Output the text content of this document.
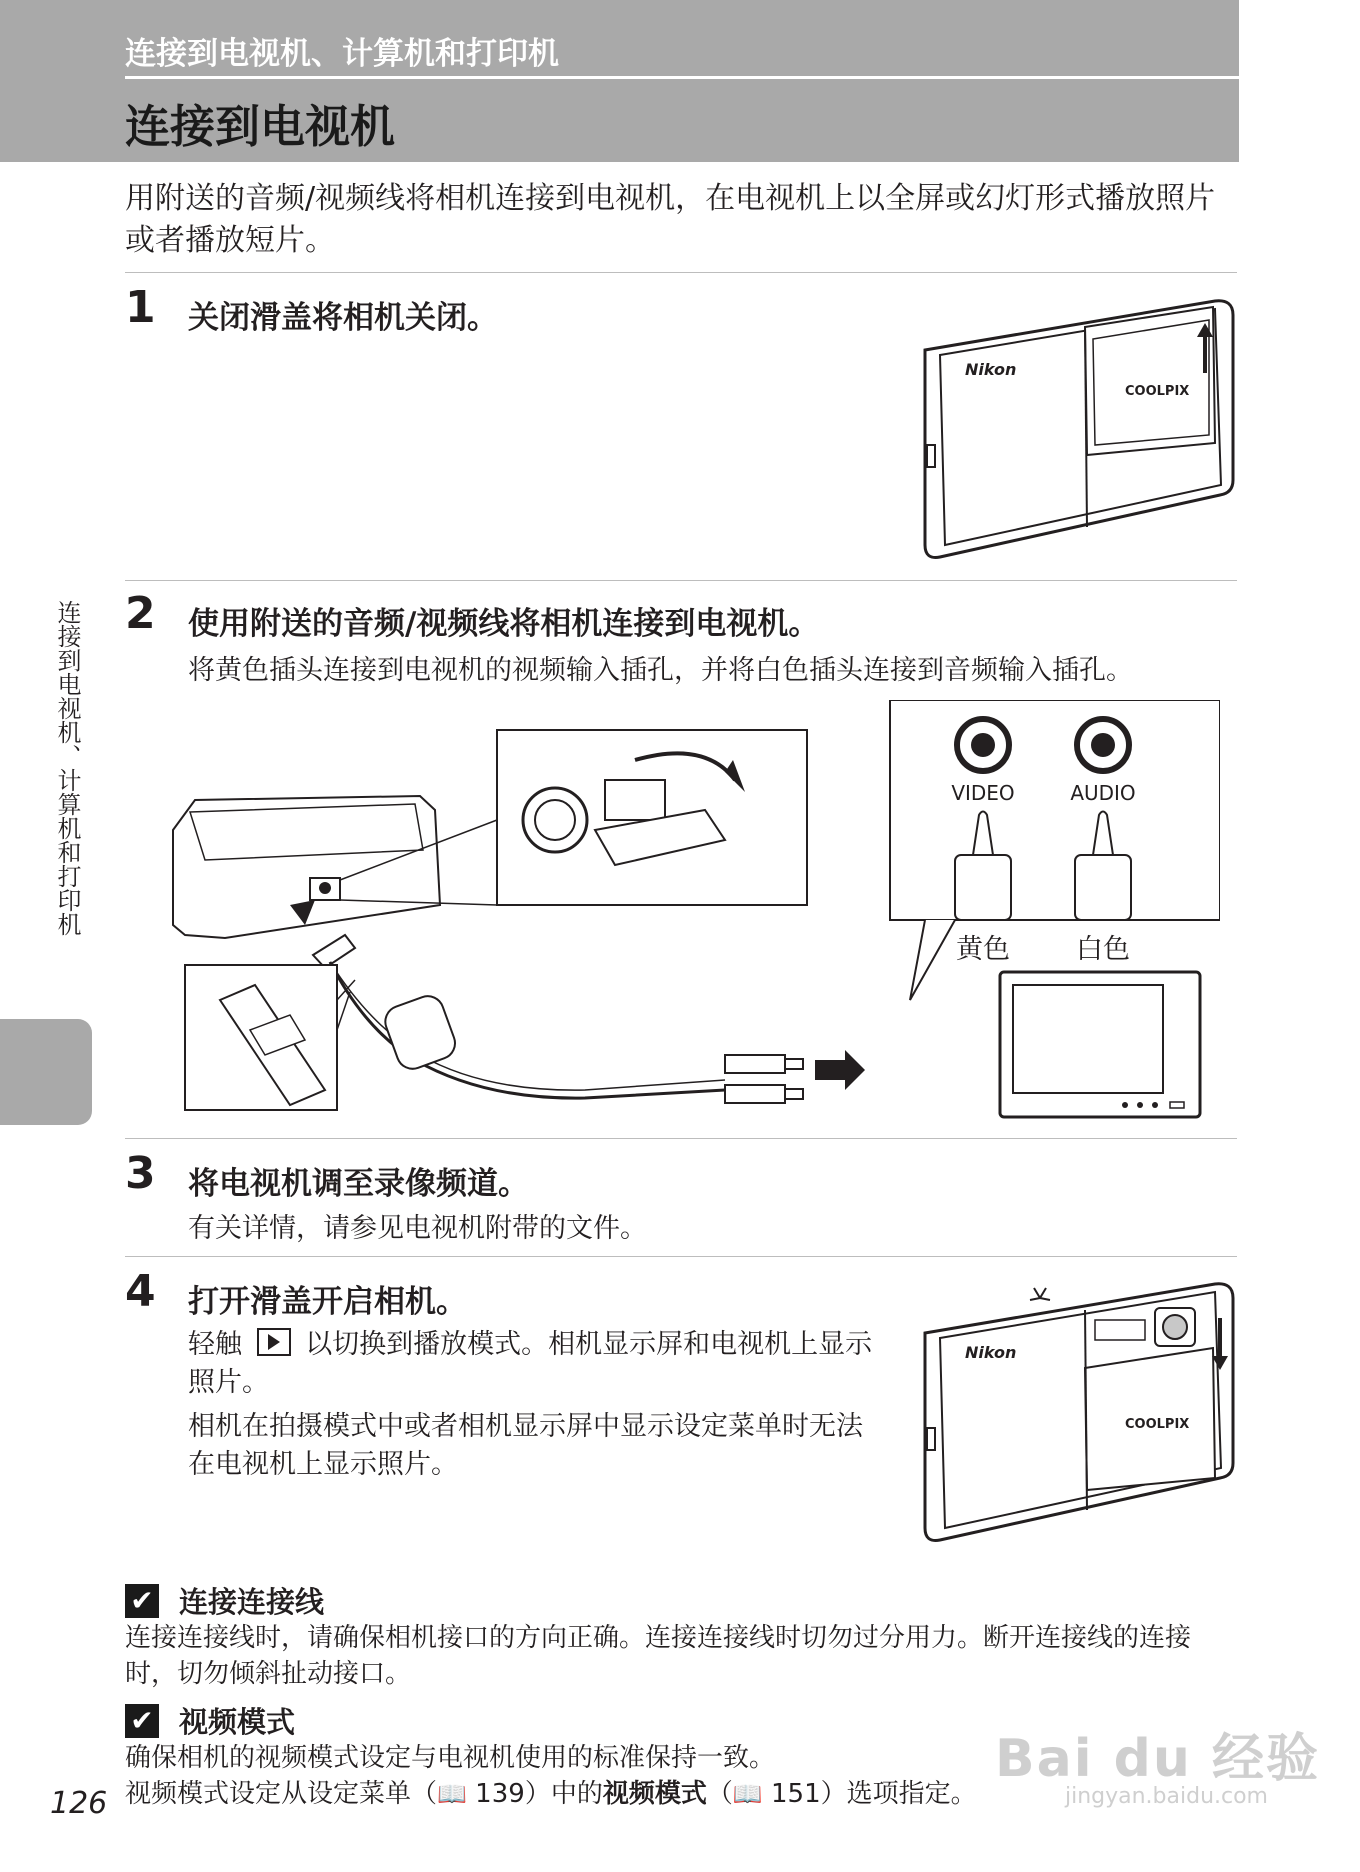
连接到电视机、计算机和打印机
连接到电视机
用附送的音频/视频线将相机连接到电视机，在电视机上以全屏或幻灯形式播放照片或者播放短片。
连接到电视机、计算机和打印机
1 关闭滑盖将相机关闭。
Nikon
COOLPIX
2 使用附送的音频/视频线将相机连接到电视机。
将黄色插头连接到电视机的视频输入插孔，并将白色插头连接到音频输入插孔。
VIDEO	AUDIO
黄色 白色
3 将电视机调至录像频道。
有关详情，请参见电视机附带的文件。
4 打开滑盖开启相机。
轻触 以切换到播放模式。相机显示屏和电视机上显示照片。
相机在拍摄模式中或者相机显示屏中显示设定菜单时无法在电视机上显示照片。
Nikon
COOLPIX
✔ 连接连接线
连接连接线时，请确保相机接口的方向正确。连接连接线时切勿过分用力。断开连接线的连接时，切勿倾斜扯动接口。
✔ 视频模式
确保相机的视频模式设定与电视机使用的标准保持一致。
视频模式设定从设定菜单（📖 139）中的视频模式（📖 151）选项指定。
126
Bai du 经验
jingyan.baidu.com
